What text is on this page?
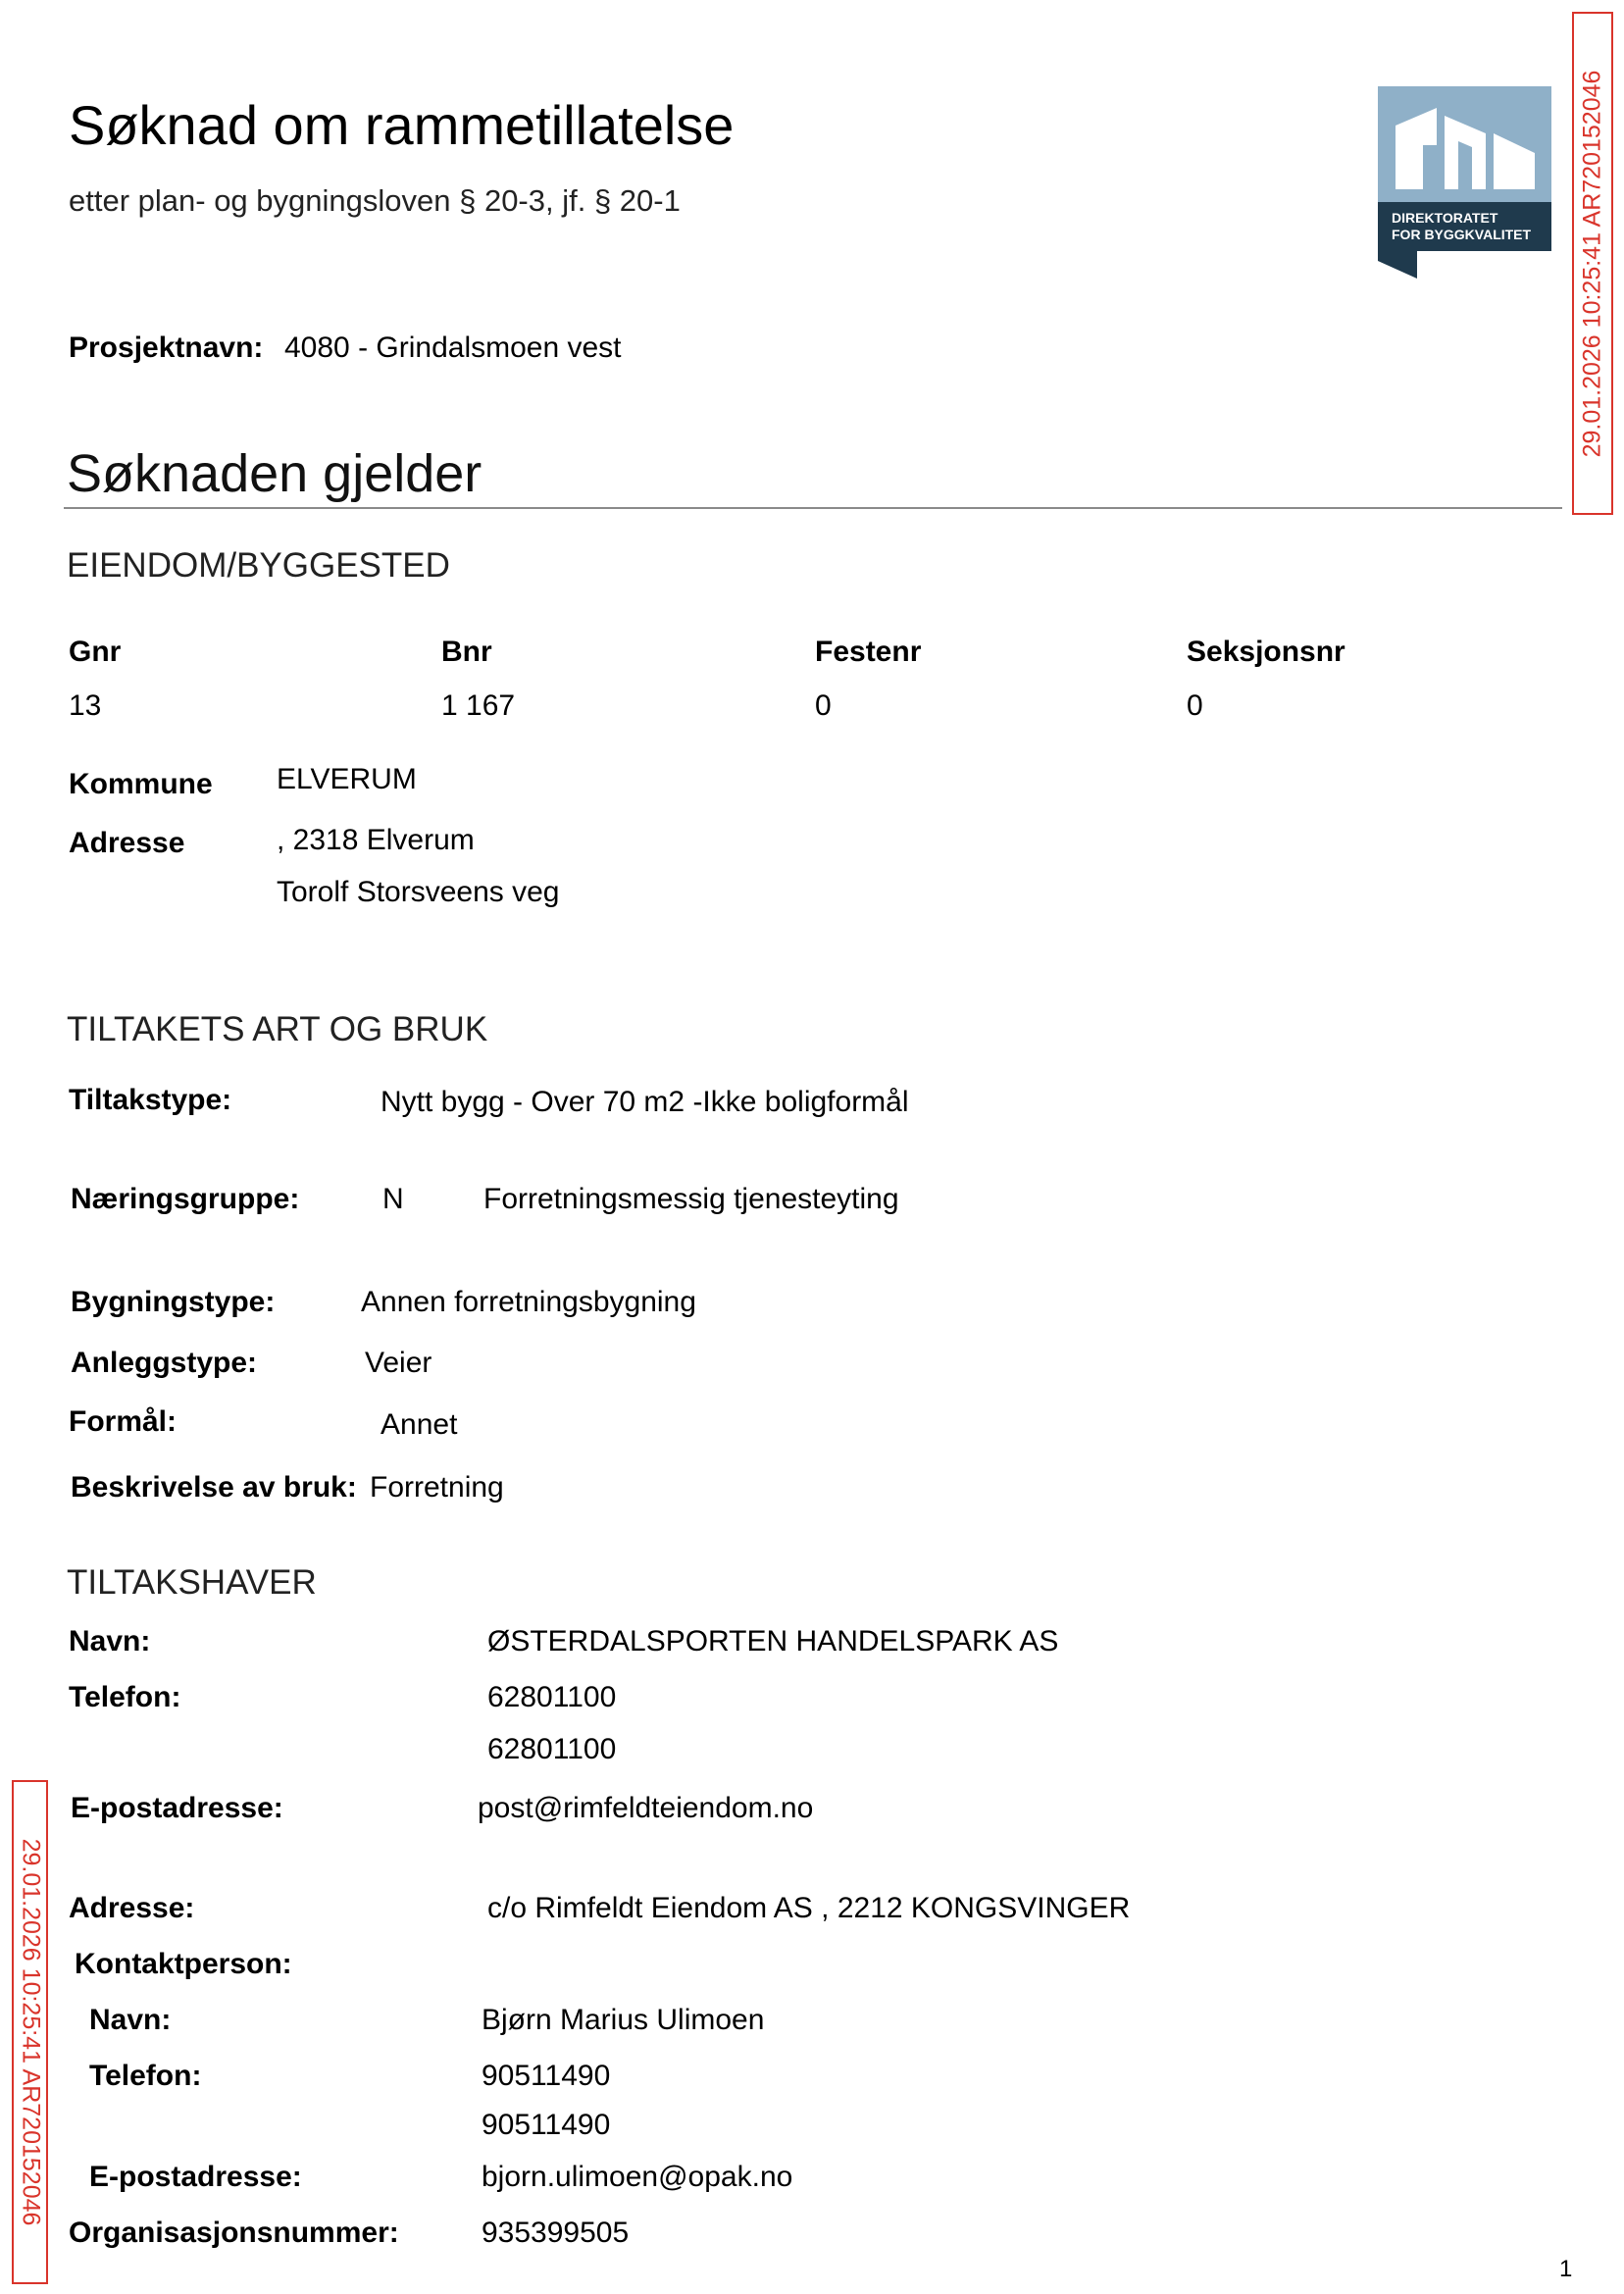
Søknad om rammetillatelse
etter plan- og bygningsloven § 20-3, jf. § 20-1	DIREKTORATET
FOR BYGGKVALITET 29.01.2026 10:25:41 AR720152046
29.01.2026 10:25:41 AR720152046
Prosjektnavn: 4080 - Grindalsmoen vest
Søknaden gjelder
EIENDOM/BYGGESTED
Gnr	Bnr	Festenr	Seksjonsnr
13	1 167	0	0
Kommune ELVERUM
Adresse	, 2318 Elverum
Torolf Storsveens veg
TILTAKETS ART OG BRUK
Tiltakstype:	Nytt bygg - Over 70 m2 -Ikke boligformål
Næringsgruppe:	N	Forretningsmessig tjenesteyting
Bygningstype:	Annen forretningsbygning
Anleggstype:	Veier
Formål:	Annet
Beskrivelse av bruk: Forretning
TILTAKSHAVER
Navn:	ØSTERDALSPORTEN HANDELSPARK AS
Telefon:	62801100
62801100
E-postadresse:	post@rimfeldteiendom.no
Adresse:	c/o Rimfeldt Eiendom AS , 2212 KONGSVINGER
Kontaktperson:
Navn:	Bjørn Marius Ulimoen
Telefon:	90511490
90511490
E-postadresse:	bjorn.ulimoen@opak.no
Organisasjonsnummer:	935399505
1
